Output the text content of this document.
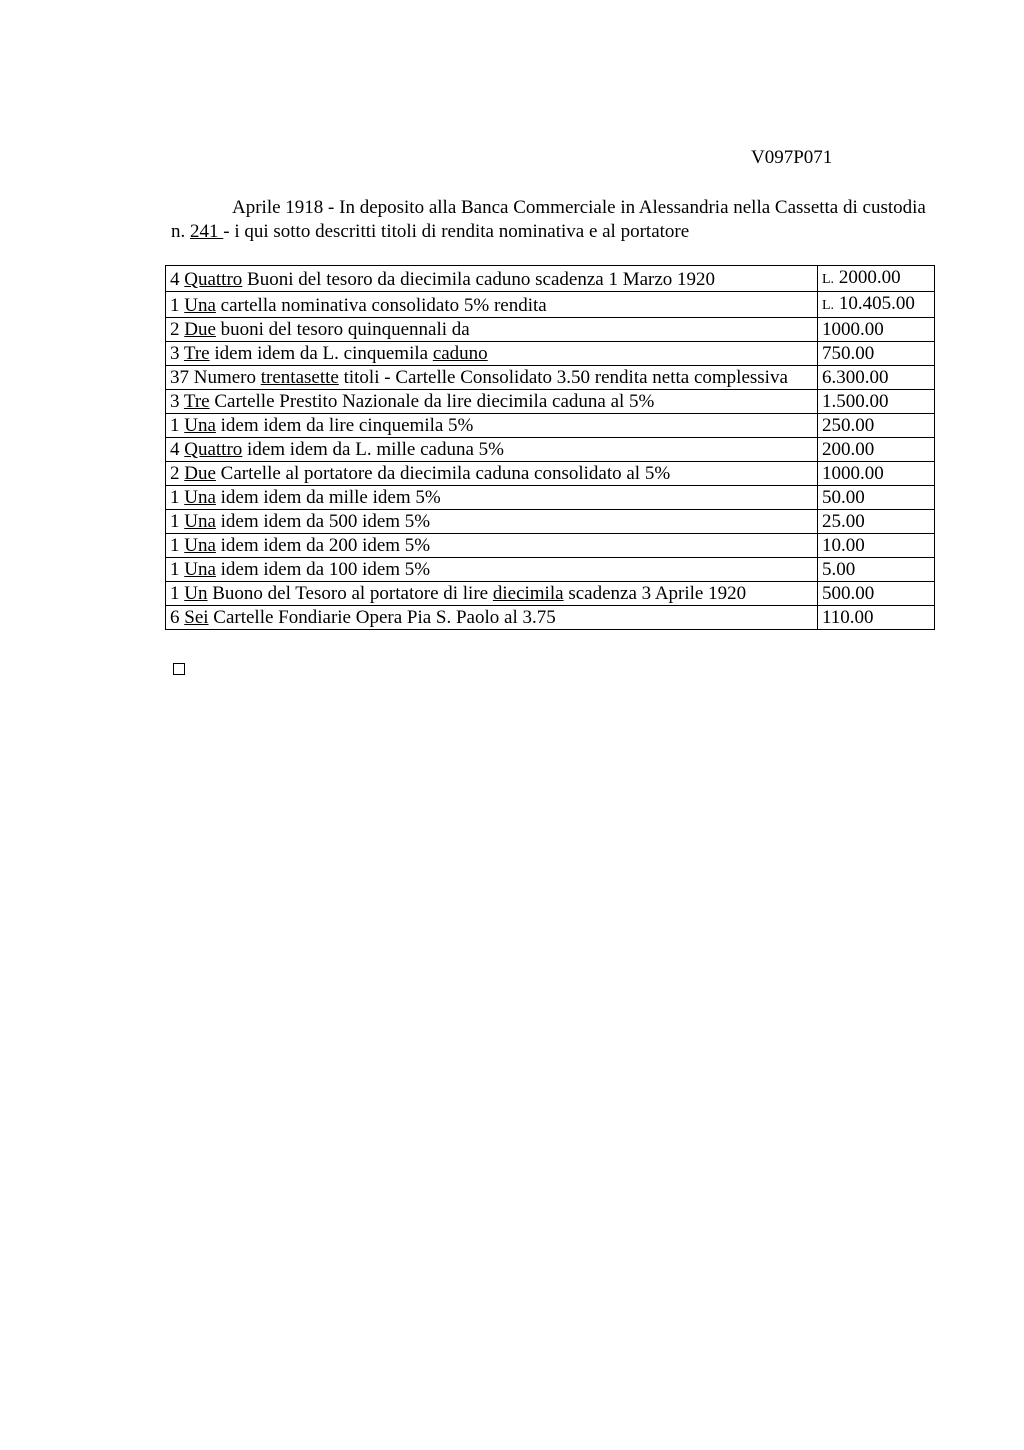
V097P071
Aprile 1918 - In deposito alla Banca Commerciale in Alessandria nella Cassetta di custodia n. 241 - i qui sotto descritti titoli di rendita nominativa e al portatore
4 Quattro Buoni del tesoro da diecimila caduno scadenza 1 Marzo 1920	L. 2000.00
1 Una cartella nominativa consolidato 5% rendita	L. 10.405.00
2 Due buoni del tesoro quinquennali da	1000.00
3 Tre idem idem da L. cinquemila caduno	750.00
37 Numero trentasette titoli - Cartelle Consolidato 3.50 rendita netta complessiva	6.300.00
3 Tre Cartelle Prestito Nazionale da lire diecimila caduna al 5%	1.500.00
1 Una idem idem da lire cinquemila 5%	250.00
4 Quattro idem idem da L. mille caduna 5%	200.00
2 Due Cartelle al portatore da diecimila caduna consolidato al 5%	1000.00
1 Una idem idem da mille idem 5%	50.00
1 Una idem idem da 500 idem 5%	25.00
1 Una idem idem da 200 idem 5%	10.00
1 Una idem idem da 100 idem 5%	5.00
1 Un Buono del Tesoro al portatore di lire diecimila scadenza 3 Aprile 1920	500.00
6 Sei Cartelle Fondiarie Opera Pia S. Paolo al 3.75	110.00
